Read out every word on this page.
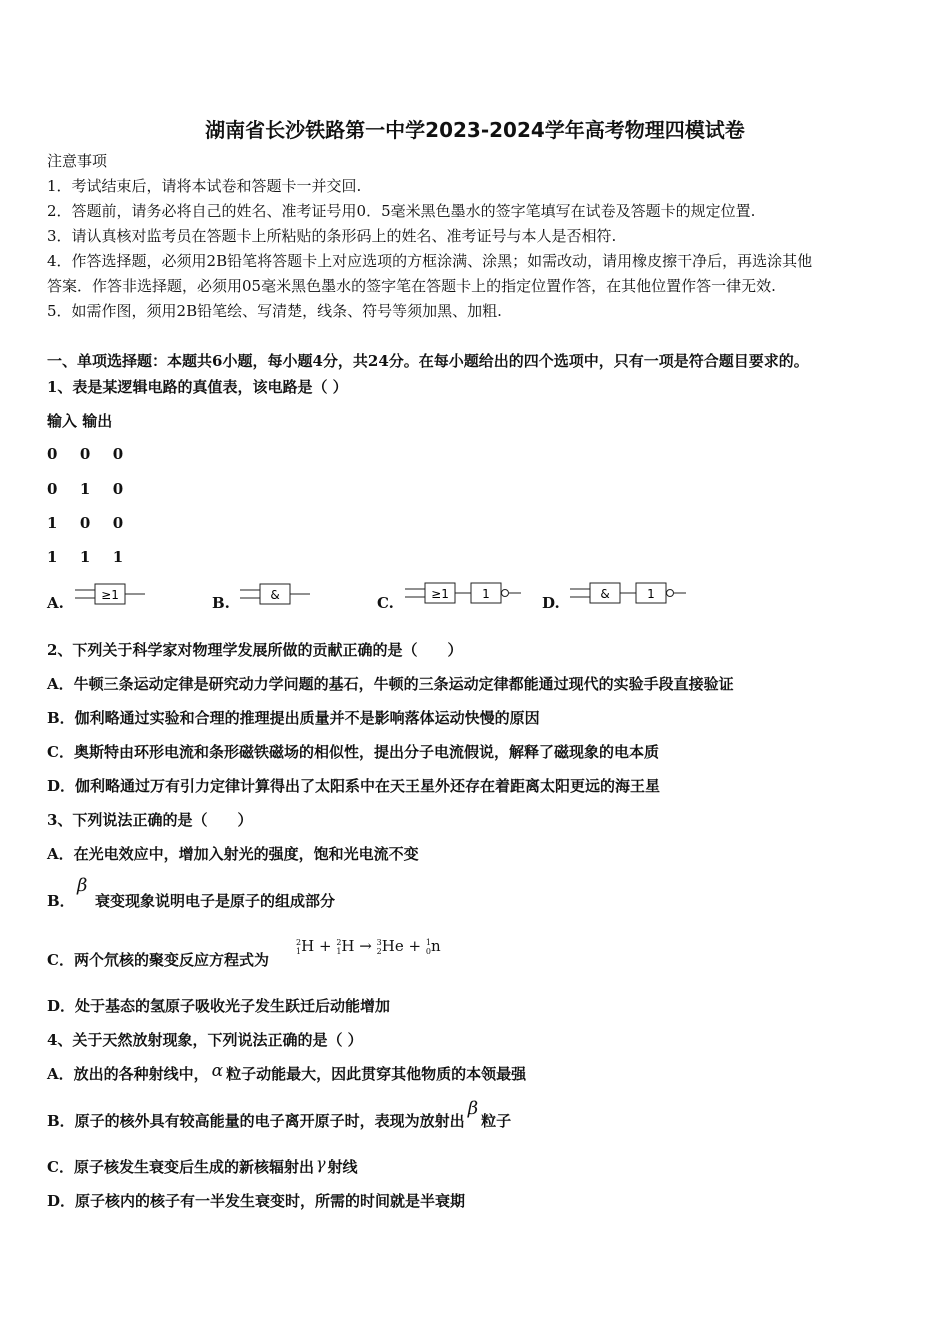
湖南省长沙铁路第一中学2023-2024学年高考物理四模试卷
注意事项
1．考试结束后，请将本试卷和答题卡一并交回.
2．答题前，请务必将自己的姓名、准考证号用0．5毫米黑色墨水的签字笔填写在试卷及答题卡的规定位置.
3．请认真核对监考员在答题卡上所粘贴的条形码上的姓名、准考证号与本人是否相符.
4．作答选择题，必须用2B铅笔将答题卡上对应选项的方框涂满、涂黑；如需改动，请用橡皮擦干净后，再选涂其他
答案．作答非选择题，必须用05毫米黑色墨水的签字笔在答题卡上的指定位置作答，在其他位置作答一律无效.
5．如需作图，须用2B铅笔绘、写清楚，线条、符号等须加黑、加粗.
一、单项选择题：本题共6小题，每小题4分，共24分。在每小题给出的四个选项中，只有一项是符合题目要求的。
1、表是某逻辑电路的真值表，该电路是（ ）
输入 输出
0  0  0
0  1  0
1  0  0
1  1  1
A.	≥1	B.	&	C.	≥1	1	D.	&	1
2、下列关于科学家对物理学发展所做的贡献正确的是（　　）
A．牛顿三条运动定律是研究动力学问题的基石，牛顿的三条运动定律都能通过现代的实验手段直接验证
B．伽利略通过实验和合理的推理提出质量并不是影响落体运动快慢的原因
C．奥斯特由环形电流和条形磁铁磁场的相似性，提出分子电流假说，解释了磁现象的电本质
D．伽利略通过万有引力定律计算得出了太阳系中在天王星外还存在着距离太阳更远的海王星
3、下列说法正确的是（　　）
A．在光电效应中，增加入射光的强度，饱和光电流不变
B．
β
衰变现象说明电子是原子的组成部分
C．两个氘核的聚变反应方程式为
2
1 H + 2
1 H → 3
2 He + 1
0 n
D．处于基态的氢原子吸收光子发生跃迁后动能增加
4、关于天然放射现象，下列说法正确的是（ ）
A．放出的各种射线中， α 粒子动能最大，因此贯穿其他物质的本领最强
B．原子的核外具有较高能量的电子离开原子时，表现为放射出β粒子
C．原子核发生衰变后生成的新核辐射出 γ 射线
D．原子核内的核子有一半发生衰变时，所需的时间就是半衰期
